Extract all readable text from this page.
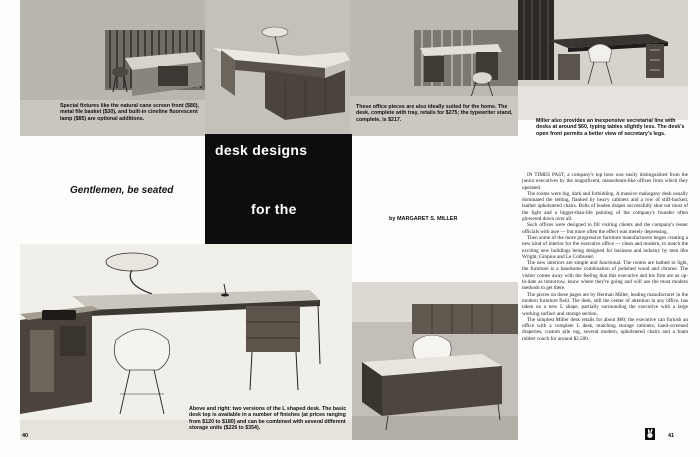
Special fixtures like the natural cane screen front ($80), metal file basket ($30), and built-in cineline fluorescent lamp ($85) are optional additions.
These office pieces are also ideally suited for the home. The desk, complete with tray, retails for $275; the typewriter stand, complete, is $217.	Miller also provides an inexpensive secretarial line with desks at around $60, typing tables slightly less. The desk's open front permits a better view of secretary's legs.
desk designs
for the
Gentlemen, be seated
by MARGARET S. MILLER
Above and right: two versions of the L shaped desk. The basic desk top is available in a number of finishes (at prices ranging from $120 to $180) and can be combined with several different storage units ($226 to $354).

IN TIMES PAST, a company's top boss was easily distinguished from the junior executives by the magnificent, mausoleum-like offices from which they operated.

The rooms were big, dark and forbidding. A massive mahogany desk usually dominated the setting, flanked by heavy cabinets and a row of stiff-backed, leather upholstered chairs. Bolts of leaden drapes successfully shut out most of the light and a bigger-than-life painting of the company's founder often glowered down over all.

Such offices were designed to fill visiting clients and the company's lesser officials with awe — but more often the effect was merely depressing.

Then some of the more progressive furniture manufacturers began creating a new kind of interior for the executive office — clean and modern, to match the exciting new buildings being designed for business and industry by men like Wright, Gropius and Le Corbusier.

The new interiors are simple and functional. The rooms are bathed in light, the furniture is a handsome combination of polished wood and chrome. The visitor comes away with the feeling that this executive and his firm are as up-to-date as tomorrow, know where they're going and will use the most modern methods to get there.

The pieces on these pages are by Herman Miller, leading manufacturer in the modern furniture field. The desk, still the center of attention in any office, has taken on a new L shape, partially surrounding the executive with a large working surface and storage section.

The simplest Miller desk retails for about $60; the executive can furnish an office with a complete L desk, matching storage cabinets, hand-screened draperies, custom pile rug, several modern, upholstered chairs and a foam rubber couch for around $2,500.

40	41
